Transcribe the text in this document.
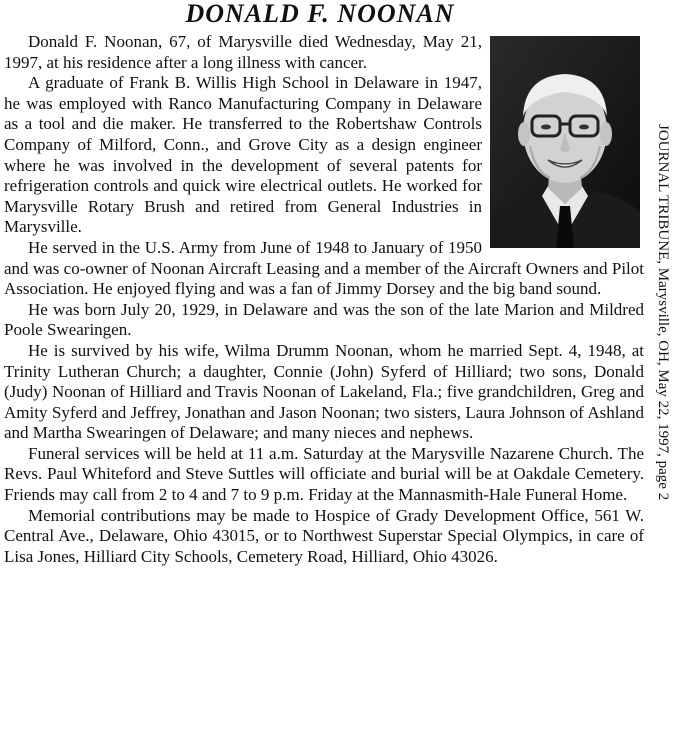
DONALD F. NOONAN

Donald F. Noonan, 67, of Marysville died Wednesday, May 21, 1997, at his residence after a long illness with cancer.

A graduate of Frank B. Willis High School in Delaware in 1947, he was employed with Ranco Manufacturing Company in Delaware as a tool and die maker. He transferred to the Robertshaw Controls Company of Milford, Conn., and Grove City as a design engineer where he was involved in the development of several patents for refrigeration controls and quick wire electrical outlets. He worked for Marysville Rotary Brush and retired from General Industries in Marysville.

He served in the U.S. Army from June of 1948 to January of 1950 and was co-owner of Noonan Aircraft Leasing and a member of the Aircraft Owners and Pilot Association. He enjoyed flying and was a fan of Jimmy Dorsey and the big band sound.

He was born July 20, 1929, in Delaware and was the son of the late Marion and Mildred Poole Swearingen.

He is survived by his wife, Wilma Drumm Noonan, whom he married Sept. 4, 1948, at Trinity Lutheran Church; a daughter, Connie (John) Syferd of Hilliard; two sons, Donald (Judy) Noonan of Hilliard and Travis Noonan of Lakeland, Fla.; five grandchildren, Greg and Amity Syferd and Jeffrey, Jonathan and Jason Noonan; two sisters, Laura Johnson of Ashland and Martha Swearingen of Delaware; and many nieces and nephews.

Funeral services will be held at 11 a.m. Saturday at the Marysville Nazarene Church. The Revs. Paul Whiteford and Steve Suttles will officiate and burial will be at Oakdale Cemetery. Friends may call from 2 to 4 and 7 to 9 p.m. Friday at the Mannasmith-Hale Funeral Home.

Memorial contributions may be made to Hospice of Grady Development Office, 561 W. Central Ave., Delaware, Ohio 43015, or to Northwest Superstar Special Olympics, in care of Lisa Jones, Hilliard City Schools, Cemetery Road, Hilliard, Ohio 43026.

JOURNAL TRIBUNE, Marysville, OH, May 22, 1997, page 2
